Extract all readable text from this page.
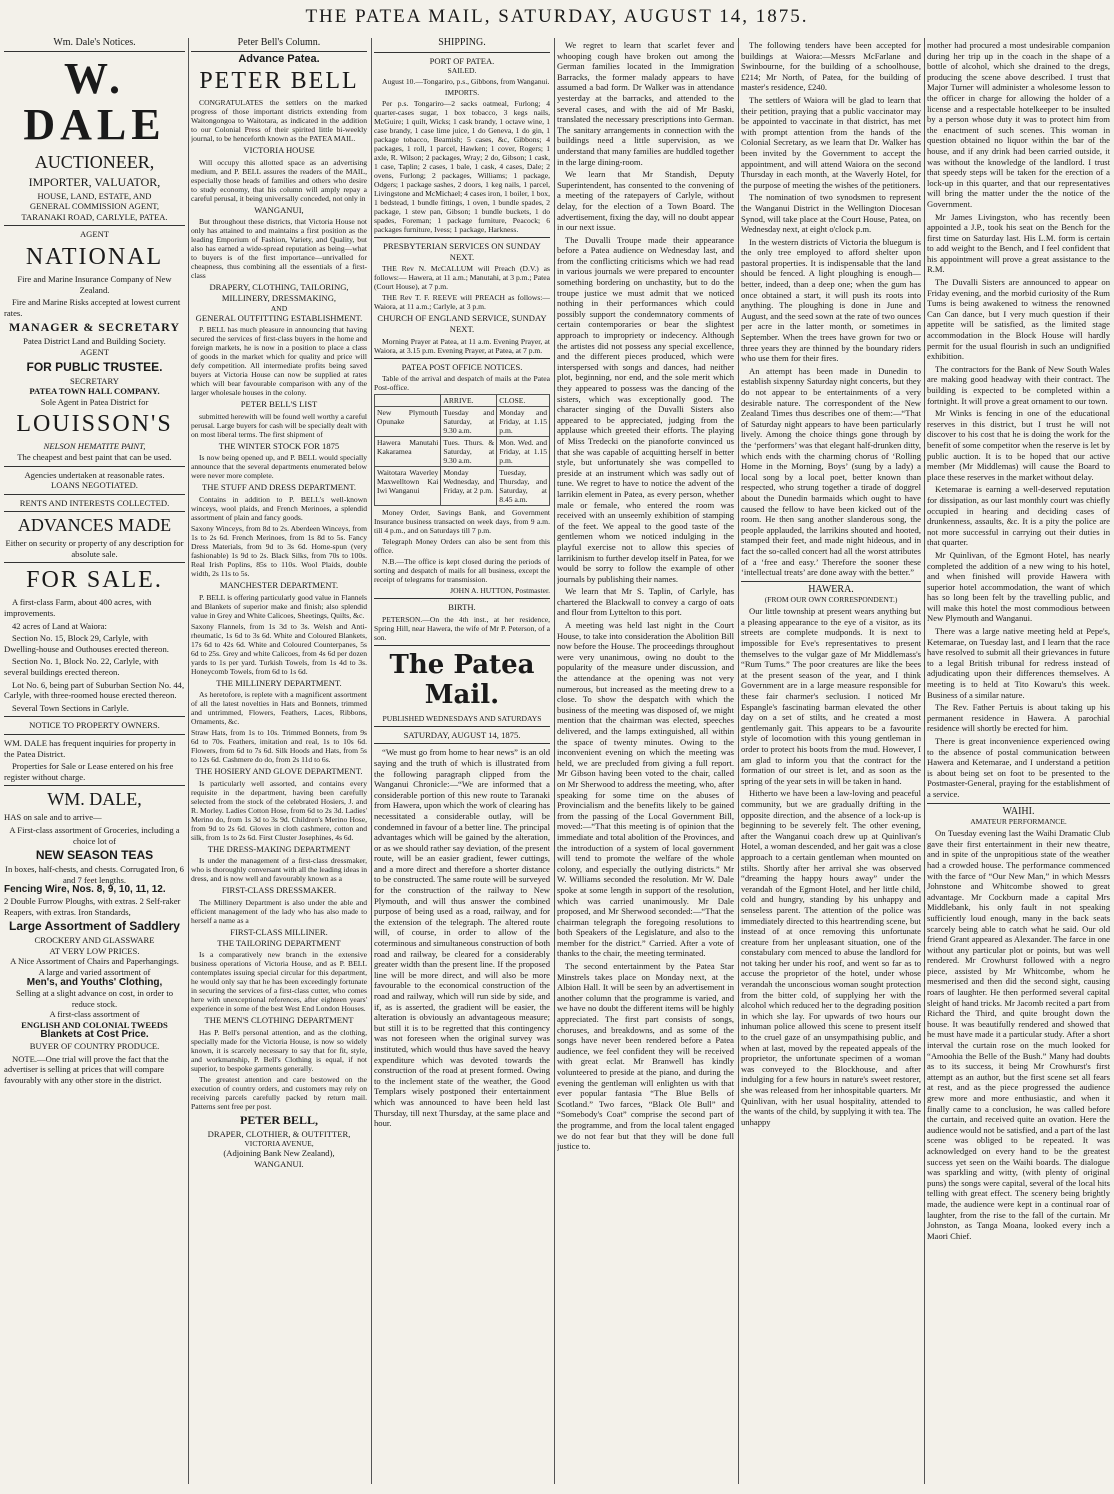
THE PATEA MAIL, SATURDAY, AUGUST 14, 1875.
Wm. Dale's Notices.
W. DALE
AUCTIONEER,
IMPORTER, VALUATOR,
HOUSE, LAND, ESTATE, AND
GENERAL COMMISSION AGENT,
TARANAKI ROAD, CARLYLE, PATEA.
AGENT
NATIONAL
Fire and Marine Insurance Company of New Zealand.

Fire and Marine Risks accepted at lowest current rates.

MANAGER & SECRETARY
Patea District Land and Building Society.
AGENT
FOR PUBLIC TRUSTEE.
SECRETARY
PATEA TOWN HALL COMPANY.
Sole Agent in Patea District for
LOUISSON'S
NELSON HEMATITE PAINT,
The cheapest and best paint that can be used.
Agencies undertaken at reasonable rates.
LOANS NEGOTIATED.
RENTS AND INTERESTS COLLECTED.
ADVANCES MADE
Either on security or property of any description for absolute sale.
FOR SALE.

A first-class Farm, about 400 acres, with improvements.

42 acres of Land at Waiora:

Section No. 15, Block 29, Carlyle, with Dwelling-house and Outhouses erected thereon.

Section No. 1, Block No. 22, Carlyle, with several buildings erected thereon.

Lot No. 6, being part of Suburban Section No. 44, Carlyle, with three-roomed house erected thereon.

Several Town Sections in Carlyle.

NOTICE TO PROPERTY OWNERS.

WM. DALE has frequent inquiries for property in the Patea District.

Properties for Sale or Lease entered on his free register without charge.

WM. DALE,

HAS on sale and to arrive—

A First-class assortment of Groceries, including a choice lot of
NEW SEASON TEAS
In boxes, half-chests, and chests. Corrugated Iron, 6 and 7 feet lengths.
Fencing Wire, Nos. 8, 9, 10, 11, 12.
2 Double Furrow Ploughs, with extras. 2 Self-raker Reapers, with extras. Iron Standards,
Large Assortment of Saddlery
CROCKERY AND GLASSWARE
AT VERY LOW PRICES.
A Nice Assortment of Chairs and Paperhangings.
A large and varied assortment of
Men's, and Youths' Clothing,
Selling at a slight advance on cost, in order to reduce stock.
A first-class assortment of
ENGLISH AND COLONIAL TWEEDS
Blankets at Cost Price.
BUYER OF COUNTRY PRODUCE.

NOTE.—One trial will prove the fact that the advertiser is selling at prices that will compare favourably with any other store in the district.

Peter Bell's Column.
Advance Patea.
PETER BELL

CONGRATULATES the settlers on the marked progress of those important districts extending from Waitongongoa to Waitotara, as indicated in the addition to our Colonial Press of their spirited little bi-weekly journal, to be henceforth known as the PATEA MAIL.

VICTORIA HOUSE

Will occupy this allotted space as an advertising medium, and P. BELL assures the readers of the MAIL, especially those heads of families and others who desire to study economy, that his column will amply repay a careful perusal, it being universally conceded, not only in

WANGANUI,

But throughout these districts, that Victoria House not only has attained to and maintains a first position as the leading Emporium of Fashion, Variety, and Quality, but also has earned a wide-spread reputation as being—what to buyers is of the first importance—unrivalled for cheapness, thus combining all the essentials of a first-class

DRAPERY, CLOTHING, TAILORING, MILLINERY, DRESSMAKING,
AND
GENERAL OUTFITTING ESTABLISHMENT.

P. BELL has much pleasure in announcing that having secured the services of first-class buyers in the home and foreign markets, he is now in a position to place a class of goods in the market which for quality and price will defy competition. All intermediate profits being saved buyers at Victoria House can now be supplied at rates which will bear favourable comparison with any of the larger wholesale houses in the colony.

PETER BELL'S LIST

submitted herewith will be found well worthy a careful perusal. Large buyers for cash will be specially dealt with on most liberal terms. The first shipment of

THE WINTER STOCK FOR 1875

Is now being opened up, and P. BELL would specially announce that the several departments enumerated below were never more complete.

THE STUFF AND DRESS DEPARTMENT.

Contains in addition to P. BELL's well-known winceys, wool plaids, and French Merinoes, a splendid assortment of plain and fancy goods.

Saxony Winceys, from 8d to 2s. Aberdeen Winceys, from 1s to 2s 6d. French Merinoes, from 1s 8d to 5s. Fancy Dress Materials, from 9d to 3s 6d. Home-spun (very fashionable) 1s 9d to 2s. Black Silks, from 70s to 100s. Real Irish Poplins, 85s to 110s. Wool Plaids, double width, 2s 11s to 5s.

MANCHESTER DEPARTMENT.

P. BELL is offering particularly good value in Flannels and Blankets of superior make and finish; also splendid value in Grey and White Calicoes, Sheetings, Quilts, &c.

Saxony Flannels, from 1s 3d to 3s. Welsh and Anti-rheumatic, 1s 6d to 3s 6d. White and Coloured Blankets, 17s 6d to 42s 6d. White and Coloured Counterpanes, 5s 6d to 25s. Grey and white Calicoes, from 4s 6d per dozen yards to 1s per yard. Turkish Towels, from 1s 4d to 3s. Honeycomb Towels, from 6d to 1s 6d.

THE MILLINERY DEPARTMENT.

As heretofore, is replete with a magnificent assortment of all the latest novelties in Hats and Bonnets, trimmed and untrimmed, Flowers, Feathers, Laces, Ribbons, Ornaments, &c.

Straw Hats, from 1s to 10s. Trimmed Bonnets, from 9s 6d to 70s. Feathers, imitation and real, 1s to 10s 6d. Flowers, from 6d to 7s 6d. Silk Hoods and Hats, from 5s to 12s 6d. Cashmere do do, from 2s 11d to 6s.

THE HOSIERY AND GLOVE DEPARTMENT.

Is particularly well assorted, and contains every requisite in the department, having been carefully selected from the stock of the celebrated Hosiers, J. and R. Morley. Ladies Cotton Hose, from 6d to 2s 3d. Ladies' Merino do, from 1s 3d to 3s 9d. Children's Merino Hose, from 9d to 2s 6d. Gloves in cloth cashmere, cotton and silk, from 1s to 2s 6d. First Cluster Josephines, 4s 6d.

THE DRESS-MAKING DEPARTMENT

Is under the management of a first-class dressmaker, who is thoroughly conversant with all the leading ideas in dress, and is now well and favourably known as a

FIRST-CLASS DRESSMAKER.

The Millinery Department is also under the able and efficient management of the lady who has also made to herself a name as a

FIRST-CLASS MILLINER.
THE TAILORING DEPARTMENT

Is a comparatively new branch in the extensive business operations of Victoria House, and as P. BELL contemplates issuing special circular for this department, he would only say that he has been exceedingly fortunate in securing the services of a first-class cutter, who comes here with unexceptional references, after eighteen years' experience in some of the best West End London Houses.

THE MEN'S CLOTHING DEPARTMENT

Has P. Bell's personal attention, and as the clothing, specially made for the Victoria House, is now so widely known, it is scarcely necessary to say that for fit, style, and workmanship, P. Bell's Clothing is equal, if not superior, to bespoke garments generally.

The greatest attention and care bestowed on the execution of country orders, and customers may rely on receiving parcels carefully packed by return mail. Patterns sent free per post.

PETER BELL,
DRAPER, CLOTHIER, & OUTFITTER,
VICTORIA AVENUE,
(Adjoining Bank New Zealand),
WANGANUI.
SHIPPING.
PORT OF PATEA.
SAILED.

August 10.—Tongariro, p.s., Gibbons, from Wanganui.

IMPORTS.

Per p.s. Tongariro—2 sacks oatmeal, Furlong; 4 quarter-cases sugar, 1 box tobacco, 3 kegs nails, McGuire; 1 quilt, Wicks; 1 cask brandy, 1 octave wine, 1 case brandy, 1 case lime juice, 1 do Geneva, 1 do gin, 1 package tobacco, Beamish; 5 cases, &c, Gibbons; 4 packages, 1 roll, 1 parcel, Hawken; 1 cover, Rogers; 1 axle, R. Wilson; 2 packages, Wray; 2 do, Gibson; 1 cask, 1 case, Taplin; 2 cases, 1 bale, 1 cask, 4 cases, Dale; 2 ovens, Furlong; 2 packages, Williams; 1 package, Odgers; 1 package sashes, 2 doors, 1 keg nails, 1 parcel, Livingstone and McMichael; 4 cases iron, 1 boiler, 1 box, 1 bedstead, 1 bundle fittings, 1 oven, 1 bundle spades, 2 package, 1 stew pan, Gibson; 1 bundle buckets, 1 do spades, Foreman; 1 package furniture, Peacock; 6 packages furniture, Ivess; 1 package, Harkness.

PRESBYTERIAN SERVICES ON SUNDAY NEXT.

THE Rev N. McCALLUM will Preach (D.V.) as follows:— Hawera, at 11 a.m.; Manutahi, at 3 p.m.; Patea (Court House), at 7 p.m.

THE Rev T. F. REEVE will PREACH as follows:— Waiora, at 11 a.m.; Carlyle, at 3 p.m.

CHURCH OF ENGLAND SERVICE, SUNDAY NEXT.

Morning Prayer at Patea, at 11 a.m. Evening Prayer, at Waiora, at 3.15 p.m. Evening Prayer, at Patea, at 7 p.m.

PATEA POST OFFICE NOTICES.

Table of the arrival and despatch of mails at the Patea Post-office.

	ARRIVE.	CLOSE.
New Plymouth Opunake	Tuesday and Saturday, at 9.30 a.m.	Monday and Friday, at 1.15 p.m.
Hawera Manutahi Kakaramea	Tues. Thurs. & Saturday, at 9.30 a.m.	Mon. Wed. and Friday, at 1.15 p.m.
Waitotara Waverley Maxwelltown Kai Iwi Wanganui	Monday Wednesday, and Friday, at 2 p.m.	Tuesday, Thursday, and Saturday, at 8.45 a.m.

Money Order, Savings Bank, and Government Insurance business transacted on week days, from 9 a.m. till 4 p.m., and on Saturdays till 7 p.m.

Telegraph Money Orders can also be sent from this office.

N.B.—The office is kept closed during the periods of sorting and despatch of mails for all business, except the receipt of telegrams for transmission.

JOHN A. HUTTON, Postmaster.
BIRTH.

PETERSON.—On the 4th inst., at her residence, Spring Hill, near Hawera, the wife of Mr P. Peterson, of a son.

The Patea Mail.
PUBLISHED WEDNESDAYS AND SATURDAYS
SATURDAY, AUGUST 14, 1875.

“We must go from home to hear news” is an old saying and the truth of which is illustrated from the following paragraph clipped from the Wanganui Chronicle:—“We are informed that a considerable portion of this new route to Taranaki from Hawera, upon which the work of clearing has necessitated a considerable outlay, will be condemned in favour of a better line. The principal advantages which will be gained by the alteration, or as we should rather say deviation, of the present route, will be an easier gradient, fewer cuttings, and a more direct and therefore a shorter distance to be constructed. The same route will be surveyed for the construction of the railway to New Plymouth, and will thus answer the combined purpose of being used as a road, railway, and for the extension of the telegraph. The altered route will, of course, in order to allow of the coterminous and simultaneous construction of both road and railway, be cleared for a considerably greater width than the present line. If the proposed line will be more direct, and will also be more favourable to the economical construction of the road and railway, which will run side by side, and if, as is asserted, the gradient will be easier, the alteration is obviously an advantageous measure; but still it is to be regretted that this contingency was not foreseen when the original survey was instituted, which would thus have saved the heavy expenditure which was devoted towards the construction of the road at present formed. Owing to the inclement state of the weather, the Good Templars wisely postponed their entertainment which was announced to have been held last Thursday, till next Thursday, at the same place and hour.

We regret to learn that scarlet fever and whooping cough have broken out among the German families located in the Immigration Barracks, the former malady appears to have assumed a bad form. Dr Walker was in attendance yesterday at the barracks, and attended to the several cases, and with the aid of Mr Baski, translated the necessary prescriptions into German. The sanitary arrangements in connection with the buildings need a little supervision, as we understand that many families are huddled together in the large dining-room.

We learn that Mr Standish, Deputy Superintendent, has consented to the convening of a meeting of the ratepayers of Carlyle, without delay, for the election of a Town Board. The advertisement, fixing the day, will no doubt appear in our next issue.

The Duvalli Troupe made their appearance before a Patea audience on Wednesday last, and from the conflicting criticisms which we had read in various journals we were prepared to encounter something bordering on unchastity, but to do the troupe justice we must admit that we noticed nothing in their performances which could possibly support the condemnatory comments of certain contemporaries or bear the slightest approach to impropriety or indecency. Although the artistes did not possess any special excellence, and the different pieces produced, which were interspersed with songs and dances, had neither plot, beginning, nor end, and the sole merit which they appeared to possess was the dancing of the sisters, which was exceptionally good. The character singing of the Duvalli Sisters also appeared to be appreciated, judging from the applause which greeted their efforts. The playing of Miss Tredecki on the pianoforte convinced us that she was capable of acquitting herself in better style, but unfortunately she was compelled to preside at an instrument which was sadly out of tune. We regret to have to notice the advent of the larrikin element in Patea, as every person, whether male or female, who entered the room was received with an unseemly exhibition of stamping of the feet. We appeal to the good taste of the gentlemen whom we noticed indulging in the playful exercise not to allow this species of larrikinism to further develop itself in Patea, for we would be sorry to follow the example of other journals by publishing their names.

We learn that Mr S. Taplin, of Carlyle, has chartered the Blackwall to convey a cargo of oats and flour from Lyttelton to this port.

A meeting was held last night in the Court House, to take into consideration the Abolition Bill now before the House. The proceedings throughout were very unanimous, owing no doubt to the popularity of the measure under discussion, and the attendance at the opening was not very numerous, but increased as the meeting drew to a close. To show the despatch with which the business of the meeting was disposed of, we might mention that the chairman was elected, speeches delivered, and the lamps extinguished, all within the space of twenty minutes. Owing to the inconvenient evening on which the meeting was held, we are precluded from giving a full report. Mr Gibson having been voted to the chair, called on Mr Sherwood to address the meeting, who, after speaking for some time on the abuses of Provincialism and the benefits likely to be gained from the passing of the Local Government Bill, moved:—“That this meeting is of opinion that the immediate and total abolition of the Provinces, and the introduction of a system of local government will tend to promote the welfare of the whole colony, and especially the outlying districts.” Mr W. Williams seconded the resolution. Mr W. Dale spoke at some length in support of the resolution, which was carried unanimously. Mr Dale proposed, and Mr Sherwood seconded:—“That the chairman telegraph the foregoing resolutions to both Speakers of the Legislature, and also to the member for the district.” Carried. After a vote of thanks to the chair, the meeting terminated.

The second entertainment by the Patea Star Minstrels takes place on Monday next, at the Albion Hall. It will be seen by an advertisement in another column that the programme is varied, and we have no doubt the different items will be highly appreciated. The first part consists of songs, choruses, and breakdowns, and as some of the songs have never been rendered before a Patea audience, we feel confident they will be received with great eclat. Mr Branwell has kindly volunteered to preside at the piano, and during the evening the gentleman will enlighten us with that ever popular fantasia “The Blue Bells of Scotland.” Two farces, “Black Ole Bull” and “Somebody's Coat” comprise the second part of the programme, and from the local talent engaged we do not fear but that they will be done full justice to.

The following tenders have been accepted for buildings at Waiora:—Messrs McFarlane and Swinbourne, for the building of a schoolhouse, £214; Mr North, of Patea, for the building of master's residence, £240.

The settlers of Waiora will be glad to learn that their petition, praying that a public vaccinator may be appointed to vaccinate in that district, has met with prompt attention from the hands of the Colonial Secretary, as we learn that Dr. Walker has been invited by the Government to accept the appointment, and will attend Waiora on the second Thursday in each month, at the Waverly Hotel, for the purpose of meeting the wishes of the petitioners.

The nomination of two synodsmen to represent the Wanganui District in the Wellington Diocesan Synod, will take place at the Court House, Patea, on Wednesday next, at eight o'clock p.m.

In the western districts of Victoria the bluegum is the only tree employed to afford shelter upon pastoral properties. It is indispensable that the land should be fenced. A light ploughing is enough—better, indeed, than a deep one; when the gum has once obtained a start, it will push its roots into anything. The ploughing is done in June and August, and the seed sown at the rate of two ounces per acre in the latter month, or sometimes in September. When the trees have grown for two or three years they are thinned by the boundary riders who use them for their fires.

An attempt has been made in Dunedin to establish sixpenny Saturday night concerts, but they do not appear to be entertainments of a very desirable nature. The correspondent of the New Zealand Times thus describes one of them:—“That of Saturday night appears to have been particularly lively. Among the choice things gone through by the ‘performers’ was that elegant half-drunken ditty, which ends with the charming chorus of ‘Rolling Home in the Morning, Boys’ (sung by a lady) a local song by a local poet, better known than respected, who strung together a tirade of doggrel about the Dunedin barmaids which ought to have caused the fellow to have been kicked out of the room. He then sang another slanderous song, the people applauded, the larrikins shouted and hooted, stamped their feet, and made night hideous, and in fact the so-called concert had all the worst attributes of a ‘free and easy.’ Therefore the sooner these ‘intellectual treats’ are done away with the better.”

HAWERA.
(FROM OUR OWN CORRESPONDENT.)

Our little township at present wears anything but a pleasing appearance to the eye of a visitor, as its streets are complete mudponds. It is next to impossible for Eve's representatives to present themselves to the vulgar gaze of Mr Middlemass's “Rum Tums.” The poor creatures are like the bees at the present season of the year, and I think Government are in a large measure responsible for these fair charmer's seclusion. I noticed Mr Espangle's fascinating barman elevated the other day on a set of stilts, and he created a most gentlemanly gait. This appears to be a favourite style of locomotion with this young gentleman in order to protect his boots from the mud. However, I am glad to inform you that the contract for the formation of our street is let, and as soon as the spring of the year sets in will be taken in hand.

Hitherto we have been a law-loving and peaceful community, but we are gradually drifting in the opposite direction, and the absence of a lock-up is beginning to be severely felt. The other evening, after the Wanganui coach drew up at Quinlivan's Hotel, a woman descended, and her gait was a close approach to a certain gentleman when mounted on stilts. Shortly after her arrival she was observed “dreaming the happy hours away” under the verandah of the Egmont Hotel, and her little child, cold and hungry, standing by his unhappy and senseless parent. The attention of the police was immediately directed to this heartrending scene, but instead of at once removing this unfortunate creature from her unpleasant situation, one of the constabulary com menced to abuse the landlord for not taking her under his roof, and went so far as to accuse the proprietor of the hotel, under whose verandah the unconscious woman sought protection from the bitter cold, of supplying her with the alcohol which reduced her to the degrading position in which she lay. For upwards of two hours our inhuman police allowed this scene to present itself to the cruel gaze of an unsympathising public, and when at last, moved by the repeated appeals of the proprietor, the unfortunate specimen of a woman was conveyed to the Blockhouse, and after indulging for a few hours in nature's sweet restorer, she was released from her inhospitable quarters. Mr Quinlivan, with her usual hospitality, attended to the wants of the child, by supplying it with tea. The unhappy

mother had procured a most undesirable companion during her trip up in the coach in the shape of a bottle of alcohol, which she drained to the dregs, producing the scene above described. I trust that Major Turner will administer a wholesome lesson to the officer in charge for allowing the holder of a license and a respectable hotelkeeper to be insulted by a person whose duty it was to protect him from the enactment of such scenes. This woman in question obtained no liquor within the bar of the house, and if any drink had been carried outside, it was without the knowledge of the landlord. I trust that speedy steps will be taken for the erection of a lock-up in this quarter, and that our representatives will bring the matter under the the notice of the Government.

Mr James Livingston, who has recently been appointed a J.P., took his seat on the Bench for the first time on Saturday last. His L.M. form is certain to add weight to the Bench, and I feel confident that his appointment will prove a great assistance to the R.M.

The Duvalli Sisters are announced to appear on Friday evening, and the morbid curiosity of the Rum Tums is being awakened to witness the renowned Can Can dance, but I very much question if their appetite will be satisfied, as the limited stage accommodation in the Block House will hardly permit for the usual flourish in such an undignified exhibition.

The contractors for the Bank of New South Wales are making good headway with their contract. The building is expected to be completed within a fortnight. It will prove a great ornament to our town.

Mr Winks is fencing in one of the educational reserves in this district, but I trust he will not discover to his cost that he is doing the work for the benefit of some competitor when the reserve is let by public auction. It is to be hoped that our active member (Mr Middlemas) will cause the Board to place these reserves in the market without delay.

Ketemarae is earning a well-deserved reputation for dissipation, as our last monthly court was chiefly occupied in hearing and deciding cases of drunkenness, assaults, &c. It is a pity the police are not more successful in carrying out their duties in that quarter.

Mr Quinlivan, of the Egmont Hotel, has nearly completed the addition of a new wing to his hotel, and when finished will provide Hawera with superior hotel accommodation, the want of which has so long been felt by the travelling public, and will make this hotel the most commodious between New Plymouth and Wanganui.

There was a large native meeting held at Pepe's, Ketemarae, on Tuesday last, and I learn that the race have resolved to submit all their grievances in future to a legal British tribunal for redress instead of adjudicating upon their differences themselves. A meeting is to held at Tito Kowaru's this week. Business of a similar nature.

The Rev. Father Pertuis is about taking up his permanent residence in Hawera. A parochial residence will shortly be erected for him.

There is great inconvenience experienced owing to the absence of postal communication between Hawera and Ketemarae, and I understand a petition is about being set on foot to be presented to the Postmaster-General, praying for the establishment of a service.

WAIHI.
AMATEUR PERFORMANCE.

On Tuesday evening last the Waihi Dramatic Club gave their first entertainment in their new theatre, and in spite of the unpropitious state of the weather had a crowded house. The performance commenced with the farce of “Our New Man,” in which Messrs Johnstone and Whitcombe showed to great advantage. Mr Cockburn made a capital Mrs Middlebank, his only fault in not speaking sufficiently loud enough, many in the back seats scarcely being able to catch what he said. Our old friend Grant appeared as Alexander. The farce in one without any particular plot or points, but was well rendered. Mr Crowhurst followed with a negro piece, assisted by Mr Whitcombe, whom he mesmerised and then did the second sight, causing roars of laughter. He then performed several capital sleight of hand tricks. Mr Jacomb recited a part from Richard the Third, and quite brought down the house. It was beautifully rendered and showed that he must have made it a particular study. After a short interval the curtain rose on the much looked for “Amoohia the Belle of the Bush.” Many had doubts as to its success, it being Mr Crowhurst's first attempt as an author, but the first scene set all fears at rest, and as the piece progressed the audience grew more and more enthusiastic, and when it finally came to a conclusion, he was called before the curtain, and received quite an ovation. Here the audience would not be satisfied, and a part of the last scene was obliged to be repeated. It was acknowledged on every hand to be the greatest success yet seen on the Waihi boards. The dialogue was sparkling and witty, (with plenty of original puns) the songs were capital, several of the local hits telling with great effect. The scenery being brightly made, the audience were kept in a continual roar of laughter, from the rise to the fall of the curtain. Mr Johnston, as Tanga Moana, looked every inch a Maori Chief.
